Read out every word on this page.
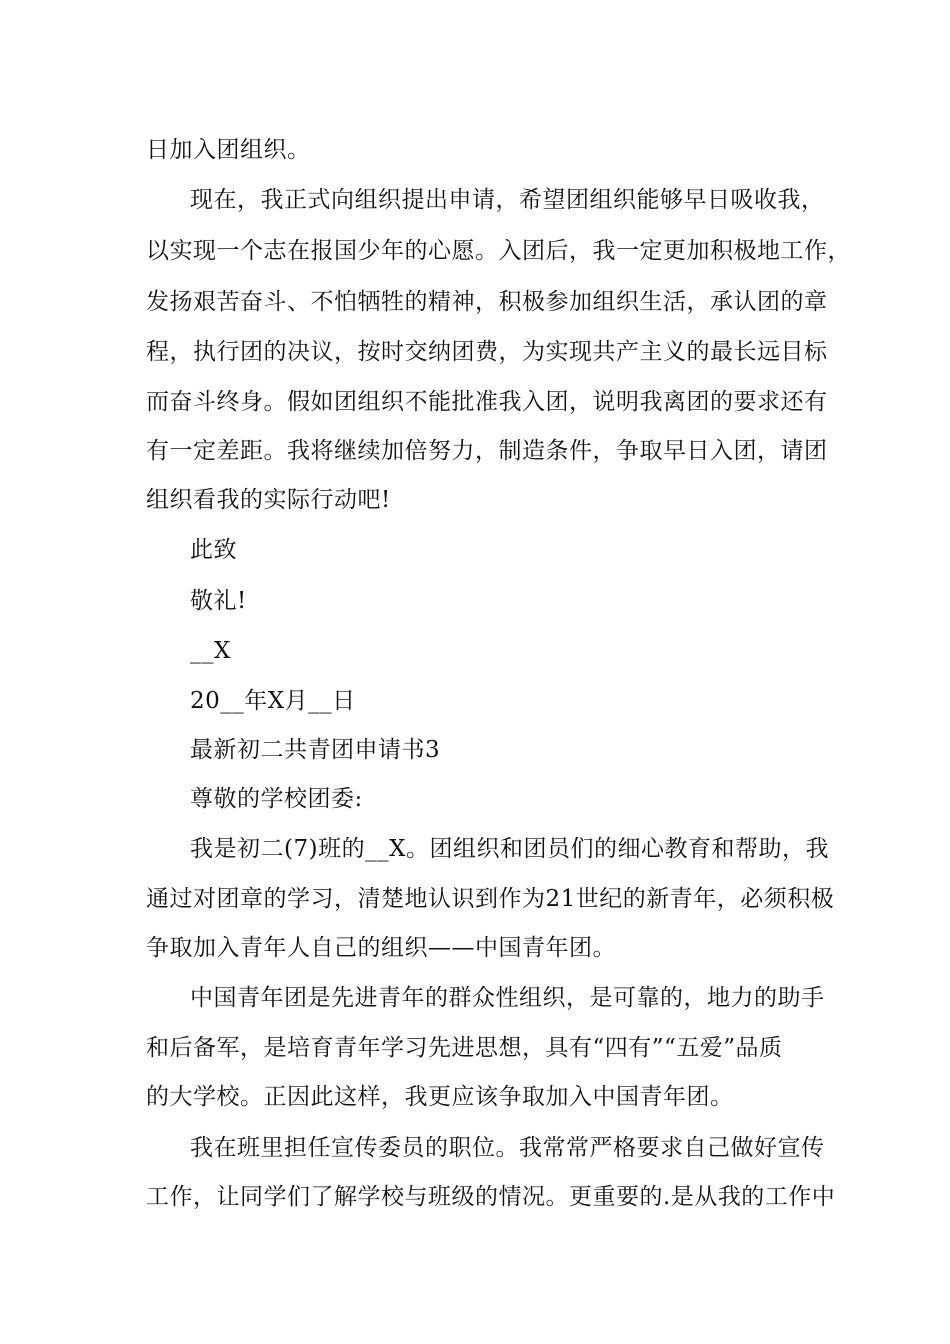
日加入团组织。
现在，我正式向组织提出申请，希望团组织能够早日吸收我，
以实现一个志在报国少年的心愿。入团后，我一定更加积极地工作，
发扬艰苦奋斗、不怕牺牲的精神，积极参加组织生活，承认团的章
程，执行团的决议，按时交纳团费，为实现共产主义的最长远目标
而奋斗终身。假如团组织不能批准我入团，说明我离团的要求还有
有一定差距。我将继续加倍努力，制造条件，争取早日入团，请团
组织看我的实际行动吧!
此致
敬礼!
__X
20__年X月__日
最新初二共青团申请书3
尊敬的学校团委:
我是初二(7)班的__X。团组织和团员们的细心教育和帮助，我
通过对团章的学习，清楚地认识到作为21世纪的新青年，必须积极
争取加入青年人自己的组织——中国青年团。
中国青年团是先进青年的群众性组织，是可靠的，地力的助手
和后备军，是培育青年学习先进思想，具有“四有”“五爱”品质
的大学校。正因此这样，我更应该争取加入中国青年团。
我在班里担任宣传委员的职位。我常常严格要求自己做好宣传
工作，让同学们了解学校与班级的情况。更重要的.是从我的工作中
